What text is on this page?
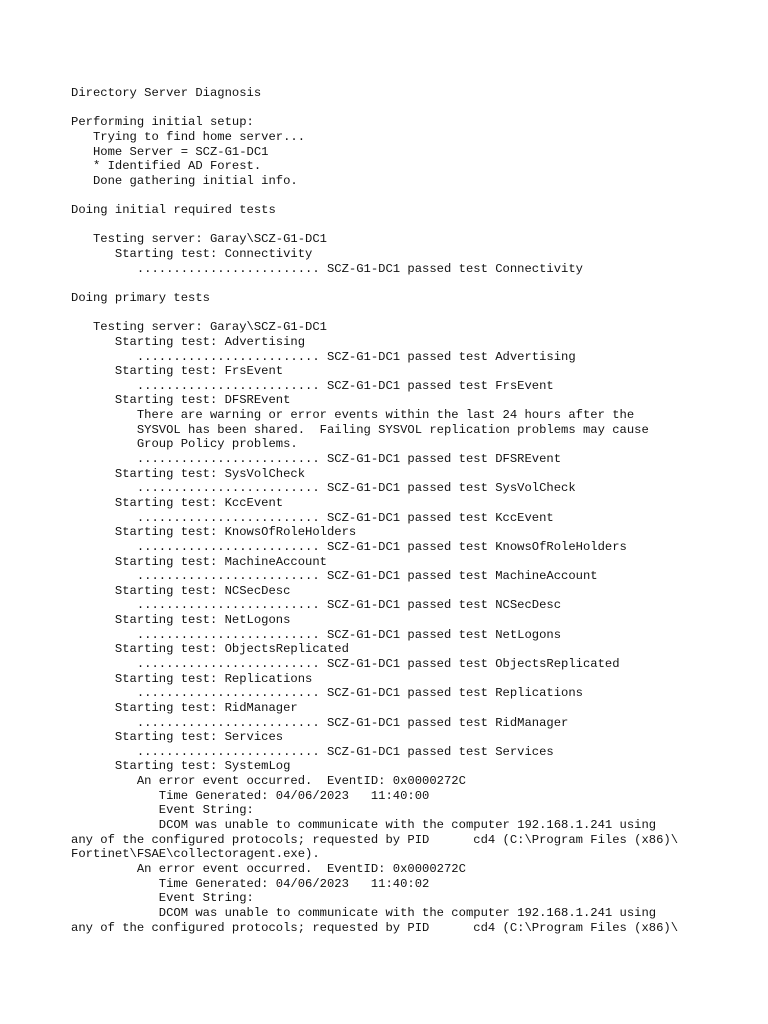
Directory Server Diagnosis
Performing initial setup:
Trying to find home server...
Home Server = SCZ-G1-DC1
* Identified AD Forest.
Done gathering initial info.
Doing initial required tests
Testing server: Garay\SCZ-G1-DC1
Starting test: Connectivity
......................... SCZ-G1-DC1 passed test Connectivity
Doing primary tests
Testing server: Garay\SCZ-G1-DC1
Starting test: Advertising
......................... SCZ-G1-DC1 passed test Advertising
Starting test: FrsEvent
......................... SCZ-G1-DC1 passed test FrsEvent
Starting test: DFSREvent
There are warning or error events within the last 24 hours after the
SYSVOL has been shared.  Failing SYSVOL replication problems may cause
Group Policy problems.
......................... SCZ-G1-DC1 passed test DFSREvent
Starting test: SysVolCheck
......................... SCZ-G1-DC1 passed test SysVolCheck
Starting test: KccEvent
......................... SCZ-G1-DC1 passed test KccEvent
Starting test: KnowsOfRoleHolders
......................... SCZ-G1-DC1 passed test KnowsOfRoleHolders
Starting test: MachineAccount
......................... SCZ-G1-DC1 passed test MachineAccount
Starting test: NCSecDesc
......................... SCZ-G1-DC1 passed test NCSecDesc
Starting test: NetLogons
......................... SCZ-G1-DC1 passed test NetLogons
Starting test: ObjectsReplicated
......................... SCZ-G1-DC1 passed test ObjectsReplicated
Starting test: Replications
......................... SCZ-G1-DC1 passed test Replications
Starting test: RidManager
......................... SCZ-G1-DC1 passed test RidManager
Starting test: Services
......................... SCZ-G1-DC1 passed test Services
Starting test: SystemLog
An error event occurred.  EventID: 0x0000272C
Time Generated: 04/06/2023   11:40:00
Event String:
DCOM was unable to communicate with the computer 192.168.1.241 using
any of the configured protocols; requested by PID      cd4 (C:\Program Files (x86)\
Fortinet\FSAE\collectoragent.exe).
An error event occurred.  EventID: 0x0000272C
Time Generated: 04/06/2023   11:40:02
Event String:
DCOM was unable to communicate with the computer 192.168.1.241 using
any of the configured protocols; requested by PID      cd4 (C:\Program Files (x86)\
